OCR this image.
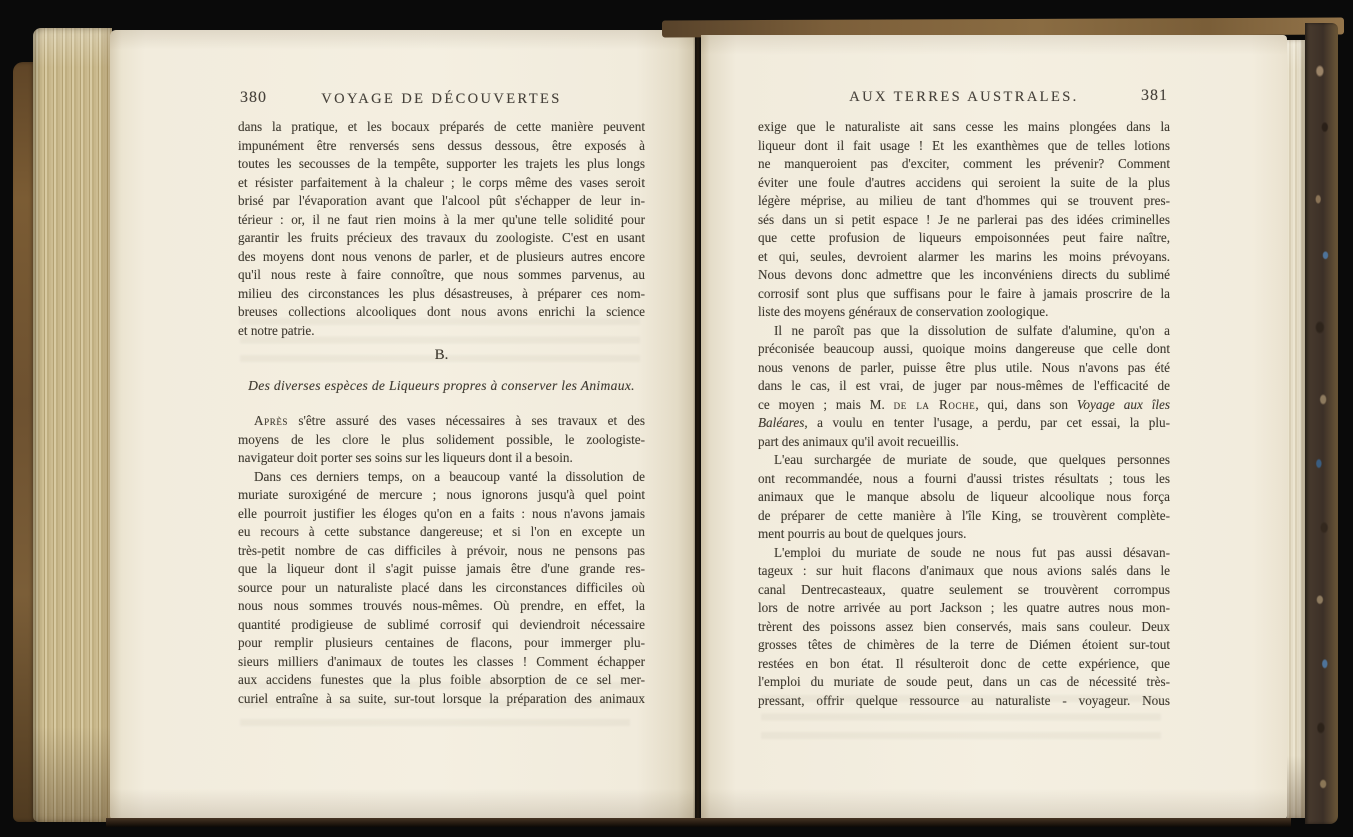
380	VOYAGE DE DÉCOUVERTES
dans la pratique, et les bocaux préparés de cette manière peuvent
impunément être renversés sens dessus dessous, être exposés à
toutes les secousses de la tempête, supporter les trajets les plus longs
et résister parfaitement à la chaleur ; le corps même des vases seroit
brisé par l'évaporation avant que l'alcool pût s'échapper de leur in-
térieur : or, il ne faut rien moins à la mer qu'une telle solidité pour
garantir les fruits précieux des travaux du zoologiste. C'est en usant
des moyens dont nous venons de parler, et de plusieurs autres encore
qu'il nous reste à faire connoître, que nous sommes parvenus, au
milieu des circonstances les plus désastreuses, à préparer ces nom-
breuses collections alcooliques dont nous avons enrichi la science
et notre patrie.
B.
Des diverses espèces de Liqueurs propres à conserver les Animaux.
Après s'être assuré des vases nécessaires à ses travaux et des
moyens de les clore le plus solidement possible, le zoologiste-
navigateur doit porter ses soins sur les liqueurs dont il a besoin.
Dans ces derniers temps, on a beaucoup vanté la dissolution de
muriate suroxigéné de mercure ; nous ignorons jusqu'à quel point
elle pourroit justifier les éloges qu'on en a faits : nous n'avons jamais
eu recours à cette substance dangereuse; et si l'on en excepte un
très-petit nombre de cas difficiles à prévoir, nous ne pensons pas
que la liqueur dont il s'agit puisse jamais être d'une grande res-
source pour un naturaliste placé dans les circonstances difficiles où
nous nous sommes trouvés nous-mêmes. Où prendre, en effet, la
quantité prodigieuse de sublimé corrosif qui deviendroit nécessaire
pour remplir plusieurs centaines de flacons, pour immerger plu-
sieurs milliers d'animaux de toutes les classes ! Comment échapper
aux accidens funestes que la plus foible absorption de ce sel mer-
curiel entraîne à sa suite, sur-tout lorsque la préparation des animaux
381
AUX TERRES AUSTRALES.
exige que le naturaliste ait sans cesse les mains plongées dans la
liqueur dont il fait usage ! Et les exanthèmes que de telles lotions
ne manqueroient pas d'exciter, comment les prévenir? Comment
éviter une foule d'autres accidens qui seroient la suite de la plus
légère méprise, au milieu de tant d'hommes qui se trouvent pres-
sés dans un si petit espace ! Je ne parlerai pas des idées criminelles
que cette profusion de liqueurs empoisonnées peut faire naître,
et qui, seules, devroient alarmer les marins les moins prévoyans.
Nous devons donc admettre que les inconvéniens directs du sublimé
corrosif sont plus que suffisans pour le faire à jamais proscrire de la
liste des moyens généraux de conservation zoologique.
Il ne paroît pas que la dissolution de sulfate d'alumine, qu'on a
préconisée beaucoup aussi, quoique moins dangereuse que celle dont
nous venons de parler, puisse être plus utile. Nous n'avons pas été
dans le cas, il est vrai, de juger par nous-mêmes de l'efficacité de
ce moyen ; mais M. de la Roche, qui, dans son Voyage aux îles
Baléares, a voulu en tenter l'usage, a perdu, par cet essai, la plu-
part des animaux qu'il avoit recueillis.
L'eau surchargée de muriate de soude, que quelques personnes
ont recommandée, nous a fourni d'aussi tristes résultats ; tous les
animaux que le manque absolu de liqueur alcoolique nous força
de préparer de cette manière à l'île King, se trouvèrent complète-
ment pourris au bout de quelques jours.
L'emploi du muriate de soude ne nous fut pas aussi désavan-
tageux : sur huit flacons d'animaux que nous avions salés dans le
canal Dentrecasteaux, quatre seulement se trouvèrent corrompus
lors de notre arrivée au port Jackson ; les quatre autres nous mon-
trèrent des poissons assez bien conservés, mais sans couleur. Deux
grosses têtes de chimères de la terre de Diémen étoient sur-tout
restées en bon état. Il résulteroit donc de cette expérience, que
l'emploi du muriate de soude peut, dans un cas de nécessité très-
pressant, offrir quelque ressource au naturaliste - voyageur. Nous
